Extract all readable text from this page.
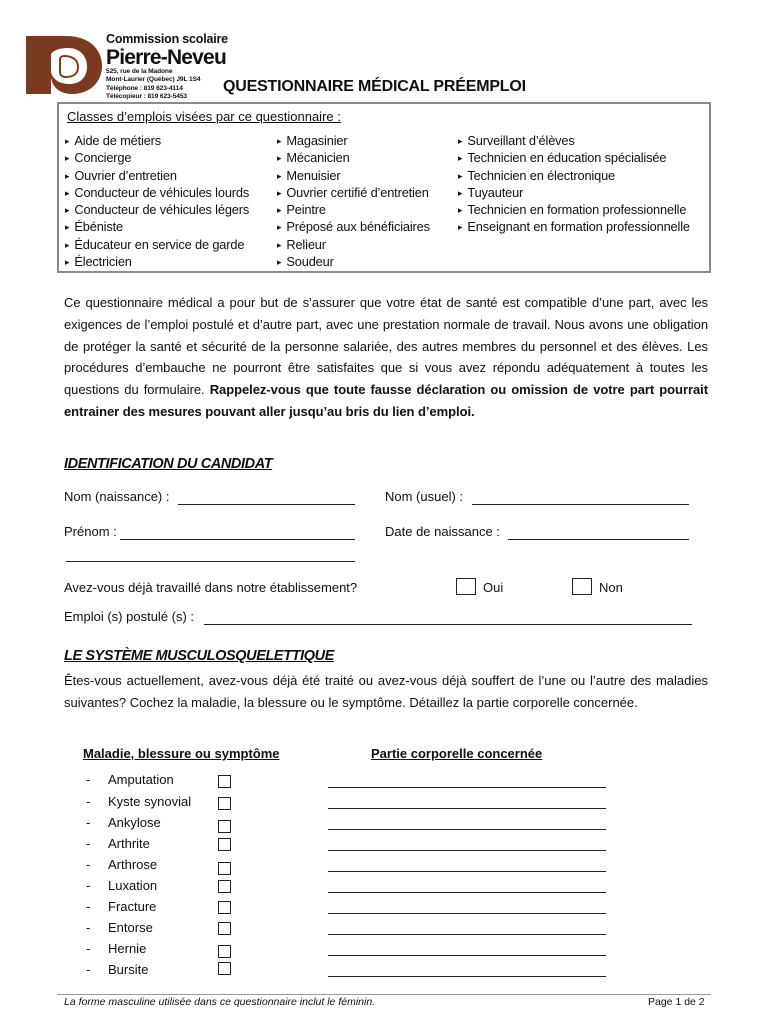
Commission scolaire
Pierre-Neveu
525, rue de la Madone
Mont-Laurier (Québec) J9L 1S4
Téléphone : 819 623-4114
Télécopieur : 819 623-5453
QUESTIONNAIRE MÉDICAL PRÉEMPLOI
Classes d’emplois visées par ce questionnaire :
▸ Aide de métiers
▸ Concierge
▸ Ouvrier d’entretien
▸ Conducteur de véhicules lourds
▸ Conducteur de véhicules légers
▸ Ébéniste
▸ Éducateur en service de garde
▸ Électricien
▸ Magasinier
▸ Mécanicien
▸ Menuisier
▸ Ouvrier certifié d’entretien
▸ Peintre
▸ Préposé aux bénéficiaires
▸ Relieur
▸ Soudeur
▸ Surveillant d’élèves
▸ Technicien en éducation spécialisée
▸ Technicien en électronique
▸ Tuyauteur
▸ Technicien en formation professionnelle
▸ Enseignant en formation professionnelle

Ce questionnaire médical a pour but de s’assurer que votre état de santé est compatible d’une part, avec les exigences de l’emploi postulé et d’autre part, avec une prestation normale de travail. Nous avons une obligation de protéger la santé et sécurité de la personne salariée, des autres membres du personnel et des élèves. Les procédures d’embauche ne pourront être satisfaites que si vous avez répondu adéquatement à toutes les questions du formulaire. Rappelez-vous que toute fausse déclaration ou omission de votre part pourrait entrainer des mesures pouvant aller jusqu’au bris du lien d’emploi.

IDENTIFICATION DU CANDIDAT
Nom (naissance) :	Nom (usuel) :
Prénom :	Date de naissance :
Avez-vous déjà travaillé dans notre établissement?	Oui	Non
Emploi (s) postulé (s) :
LE SYSTÈME MUSCULOSQUELETTIQUE

Êtes-vous actuellement, avez-vous déjà été traité ou avez-vous déjà souffert de l’une ou l’autre des maladies suivantes? Cochez la maladie, la blessure ou le symptôme. Détaillez la partie corporelle concernée.

Maladie, blessure ou symptôme	Partie corporelle concernée
- Amputation
- Kyste synovial
- Ankylose
- Arthrite
- Arthrose
- Luxation
- Fracture
- Entorse
- Hernie
- Bursite
La forme masculine utilisée dans ce questionnaire inclut le féminin.	Page 1 de 2
